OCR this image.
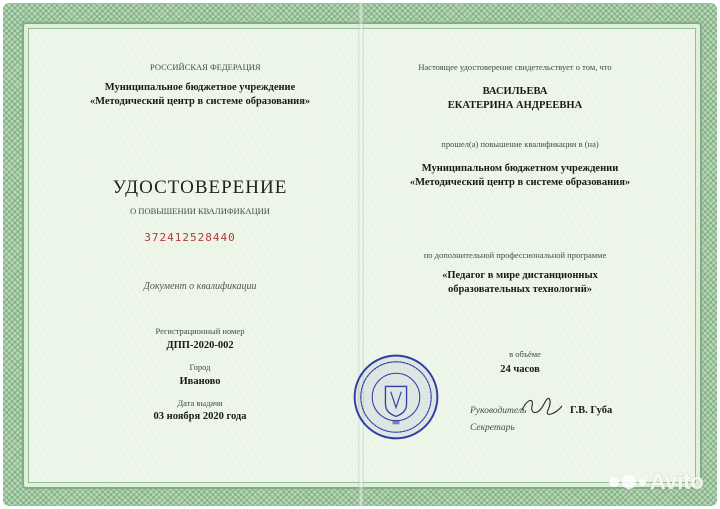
РОССИЙСКАЯ ФЕДЕРАЦИЯ
Муниципальное бюджетное учреждение
«Методический центр в системе образования»
УДОСТОВЕРЕНИЕ
О ПОВЫШЕНИИ КВАЛИФИКАЦИИ
372412528440
Документ о квалификации
Регистрационный номер
ДПП-2020-002
Город
Иваново
Дата выдачи
03 ноября 2020 года
Настоящее удостоверение свидетельствует о том, что
ВАСИЛЬЕВА
ЕКАТЕРИНА АНДРЕЕВНА
прошел(а) повышение квалификации в (на)
Муниципальном бюджетном учреждении
«Методический центр в системе образования»
по дополнительной профессиональной программе
«Педагог в мире дистанционных
образовательных технологий»
в объёме
24 часов
Руководитель	Г.В. Губа
Секретарь
Avito
